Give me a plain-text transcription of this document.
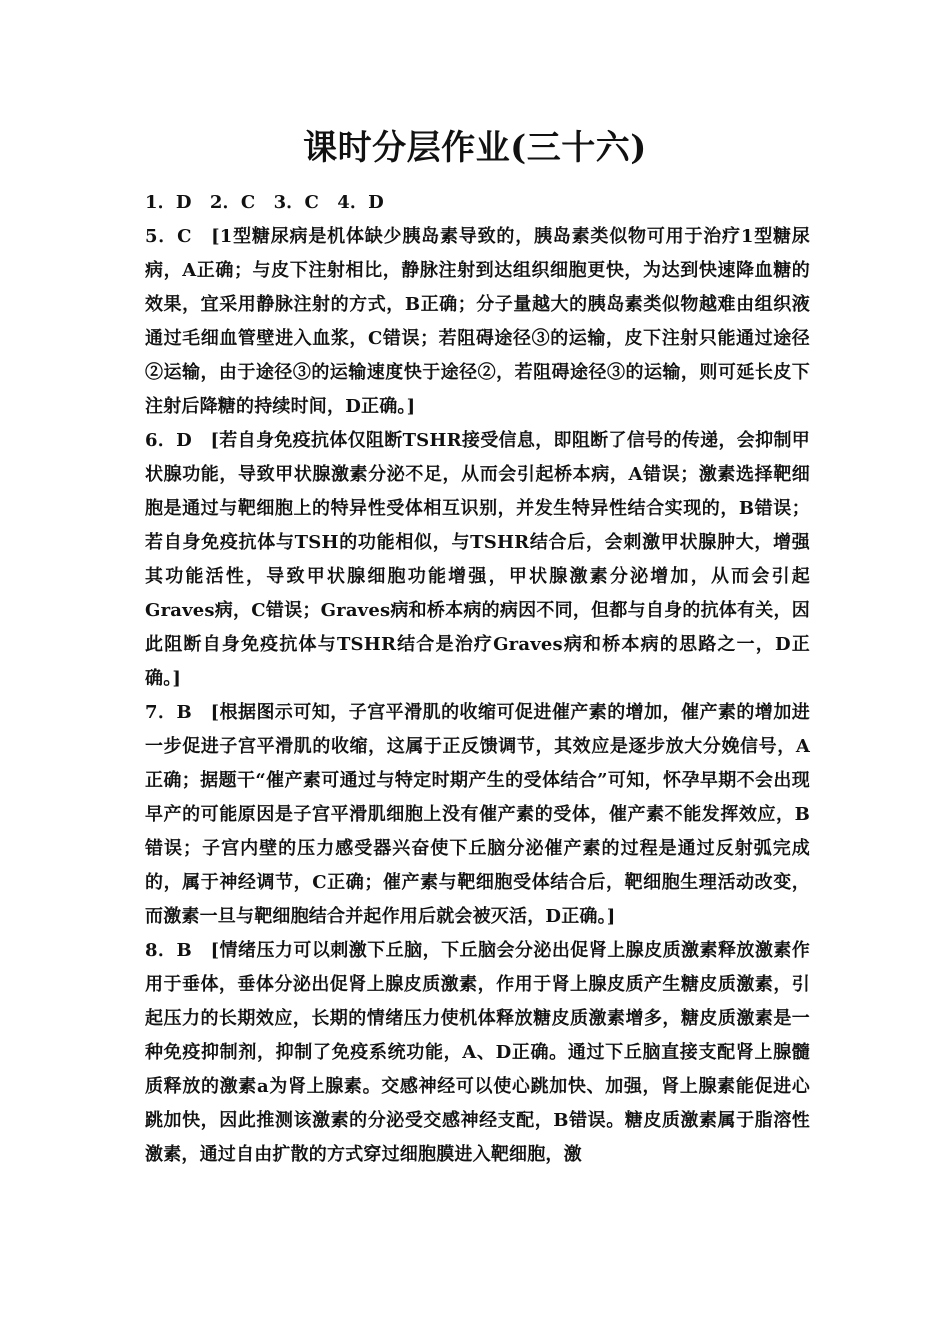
课时分层作业(三十六)

1．D　2．C　3．C　4．D

5．C　[1型糖尿病是机体缺少胰岛素导致的，胰岛素类似物可用于治疗1型糖尿病，A正确；与皮下注射相比，静脉注射到达组织细胞更快，为达到快速降血糖的效果，宜采用静脉注射的方式，B正确；分子量越大的胰岛素类似物越难由组织液通过毛细血管壁进入血浆，C错误；若阻碍途径③的运输，皮下注射只能通过途径②运输，由于途径③的运输速度快于途径②，若阻碍途径③的运输，则可延长皮下注射后降糖的持续时间，D正确。]

6．D　[若自身免疫抗体仅阻断TSHR接受信息，即阻断了信号的传递，会抑制甲状腺功能，导致甲状腺激素分泌不足，从而会引起桥本病，A错误；激素选择靶细胞是通过与靶细胞上的特异性受体相互识别，并发生特异性结合实现的，B错误；若自身免疫抗体与TSH的功能相似，与TSHR结合后，会刺激甲状腺肿大，增强其功能活性，导致甲状腺细胞功能增强，甲状腺激素分泌增加，从而会引起Graves病，C错误；Graves病和桥本病的病因不同，但都与自身的抗体有关，因此阻断自身免疫抗体与TSHR结合是治疗Graves病和桥本病的思路之一，D正确。]

7．B　[根据图示可知，子宫平滑肌的收缩可促进催产素的增加，催产素的增加进一步促进子宫平滑肌的收缩，这属于正反馈调节，其效应是逐步放大分娩信号，A正确；据题干“催产素可通过与特定时期产生的受体结合”可知，怀孕早期不会出现早产的可能原因是子宫平滑肌细胞上没有催产素的受体，催产素不能发挥效应，B错误；子宫内壁的压力感受器兴奋使下丘脑分泌催产素的过程是通过反射弧完成的，属于神经调节，C正确；催产素与靶细胞受体结合后，靶细胞生理活动改变，而激素一旦与靶细胞结合并起作用后就会被灭活，D正确。]

8．B　[情绪压力可以刺激下丘脑，下丘脑会分泌出促肾上腺皮质激素释放激素作用于垂体，垂体分泌出促肾上腺皮质激素，作用于肾上腺皮质产生糖皮质激素，引起压力的长期效应，长期的情绪压力使机体释放糖皮质激素增多，糖皮质激素是一种免疫抑制剂，抑制了免疫系统功能，A、D正确。通过下丘脑直接支配肾上腺髓质释放的激素a为肾上腺素。交感神经可以使心跳加快、加强，肾上腺素能促进心跳加快，因此推测该激素的分泌受交感神经支配，B错误。糖皮质激素属于脂溶性激素，通过自由扩散的方式穿过细胞膜进入靶细胞，激
